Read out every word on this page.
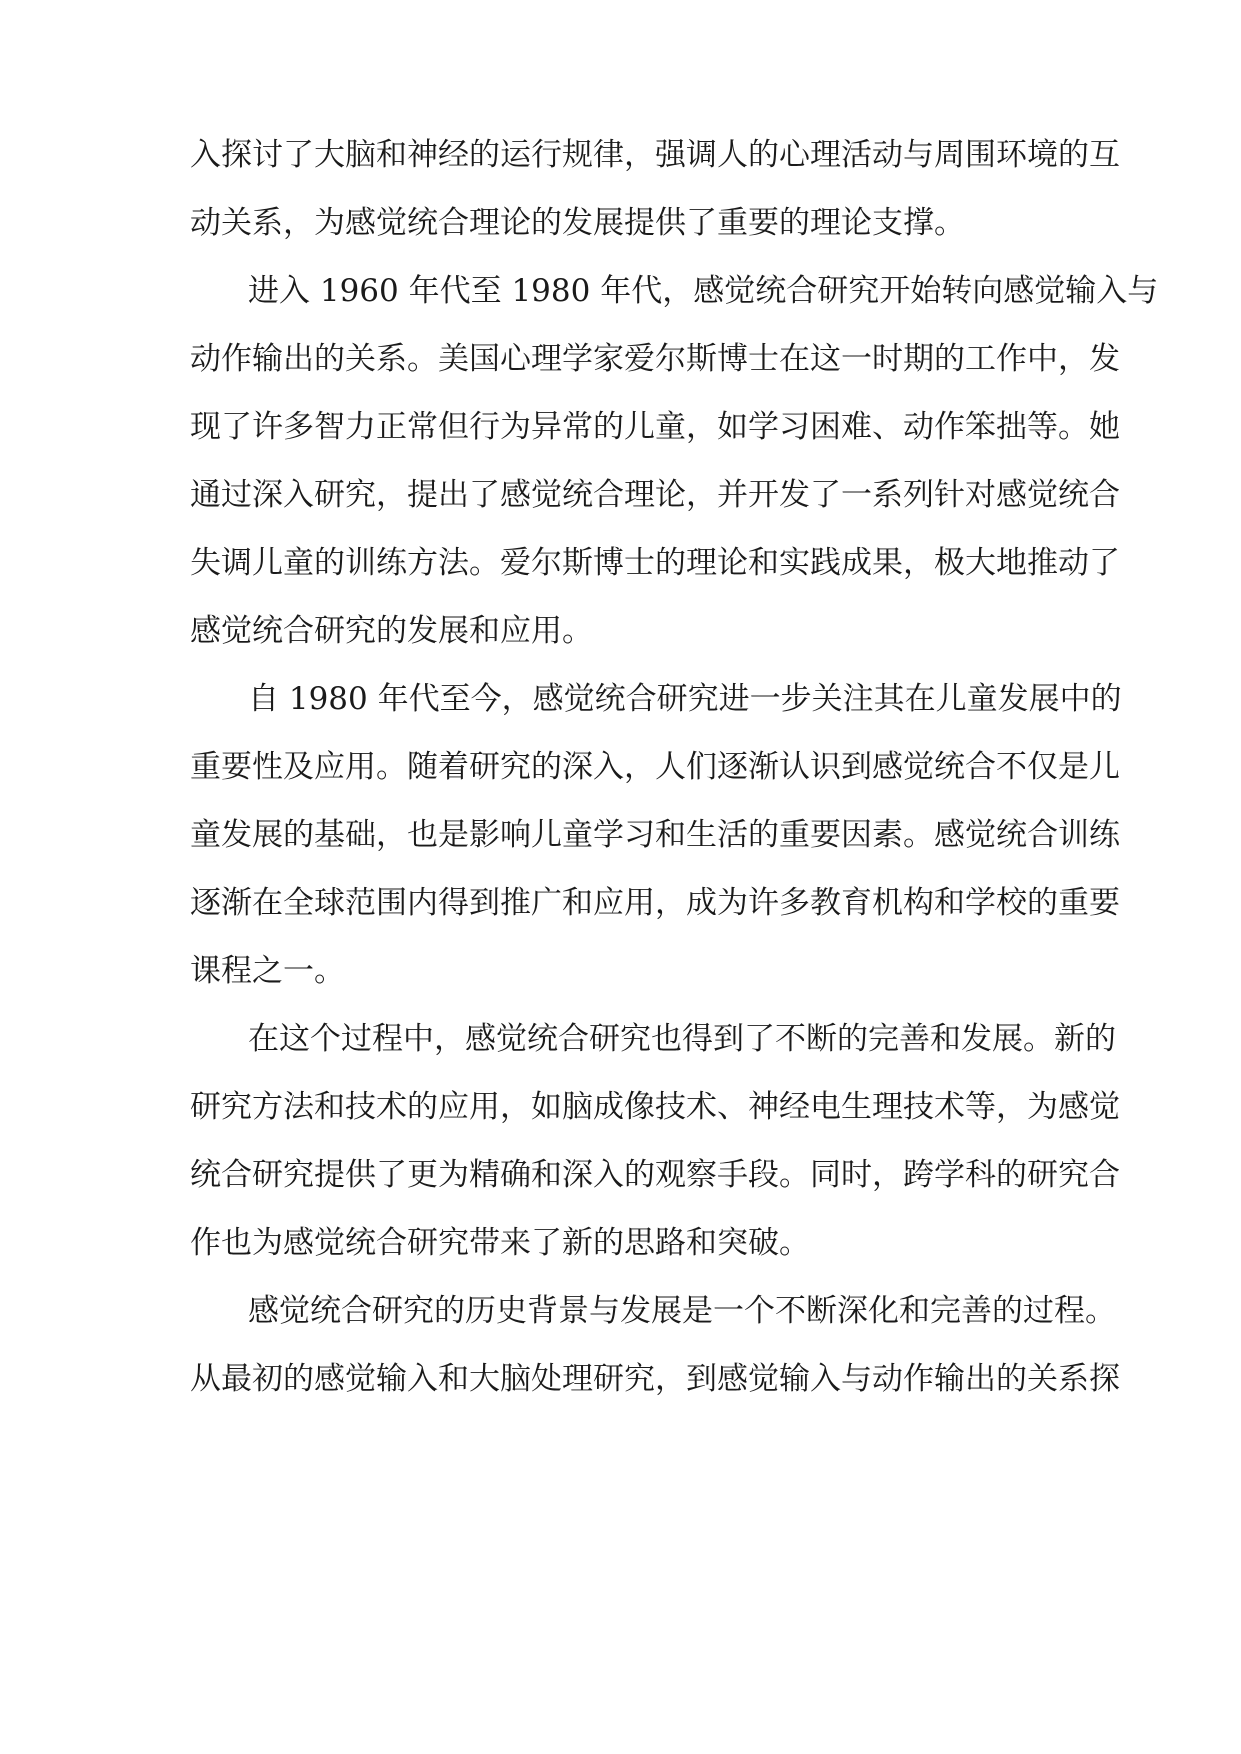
入探讨了大脑和神经的运行规律，强调人的心理活动与周围环境的互
动关系，为感觉统合理论的发展提供了重要的理论支撑。
进入 1960 年代至 1980 年代，感觉统合研究开始转向感觉输入与
动作输出的关系。美国心理学家爱尔斯博士在这一时期的工作中，发
现了许多智力正常但行为异常的儿童，如学习困难、动作笨拙等。她
通过深入研究，提出了感觉统合理论，并开发了一系列针对感觉统合
失调儿童的训练方法。爱尔斯博士的理论和实践成果，极大地推动了
感觉统合研究的发展和应用。
自 1980 年代至今，感觉统合研究进一步关注其在儿童发展中的
重要性及应用。随着研究的深入，人们逐渐认识到感觉统合不仅是儿
童发展的基础，也是影响儿童学习和生活的重要因素。感觉统合训练
逐渐在全球范围内得到推广和应用，成为许多教育机构和学校的重要
课程之一。
在这个过程中，感觉统合研究也得到了不断的完善和发展。新的
研究方法和技术的应用，如脑成像技术、神经电生理技术等，为感觉
统合研究提供了更为精确和深入的观察手段。同时，跨学科的研究合
作也为感觉统合研究带来了新的思路和突破。
感觉统合研究的历史背景与发展是一个不断深化和完善的过程。
从最初的感觉输入和大脑处理研究，到感觉输入与动作输出的关系探
